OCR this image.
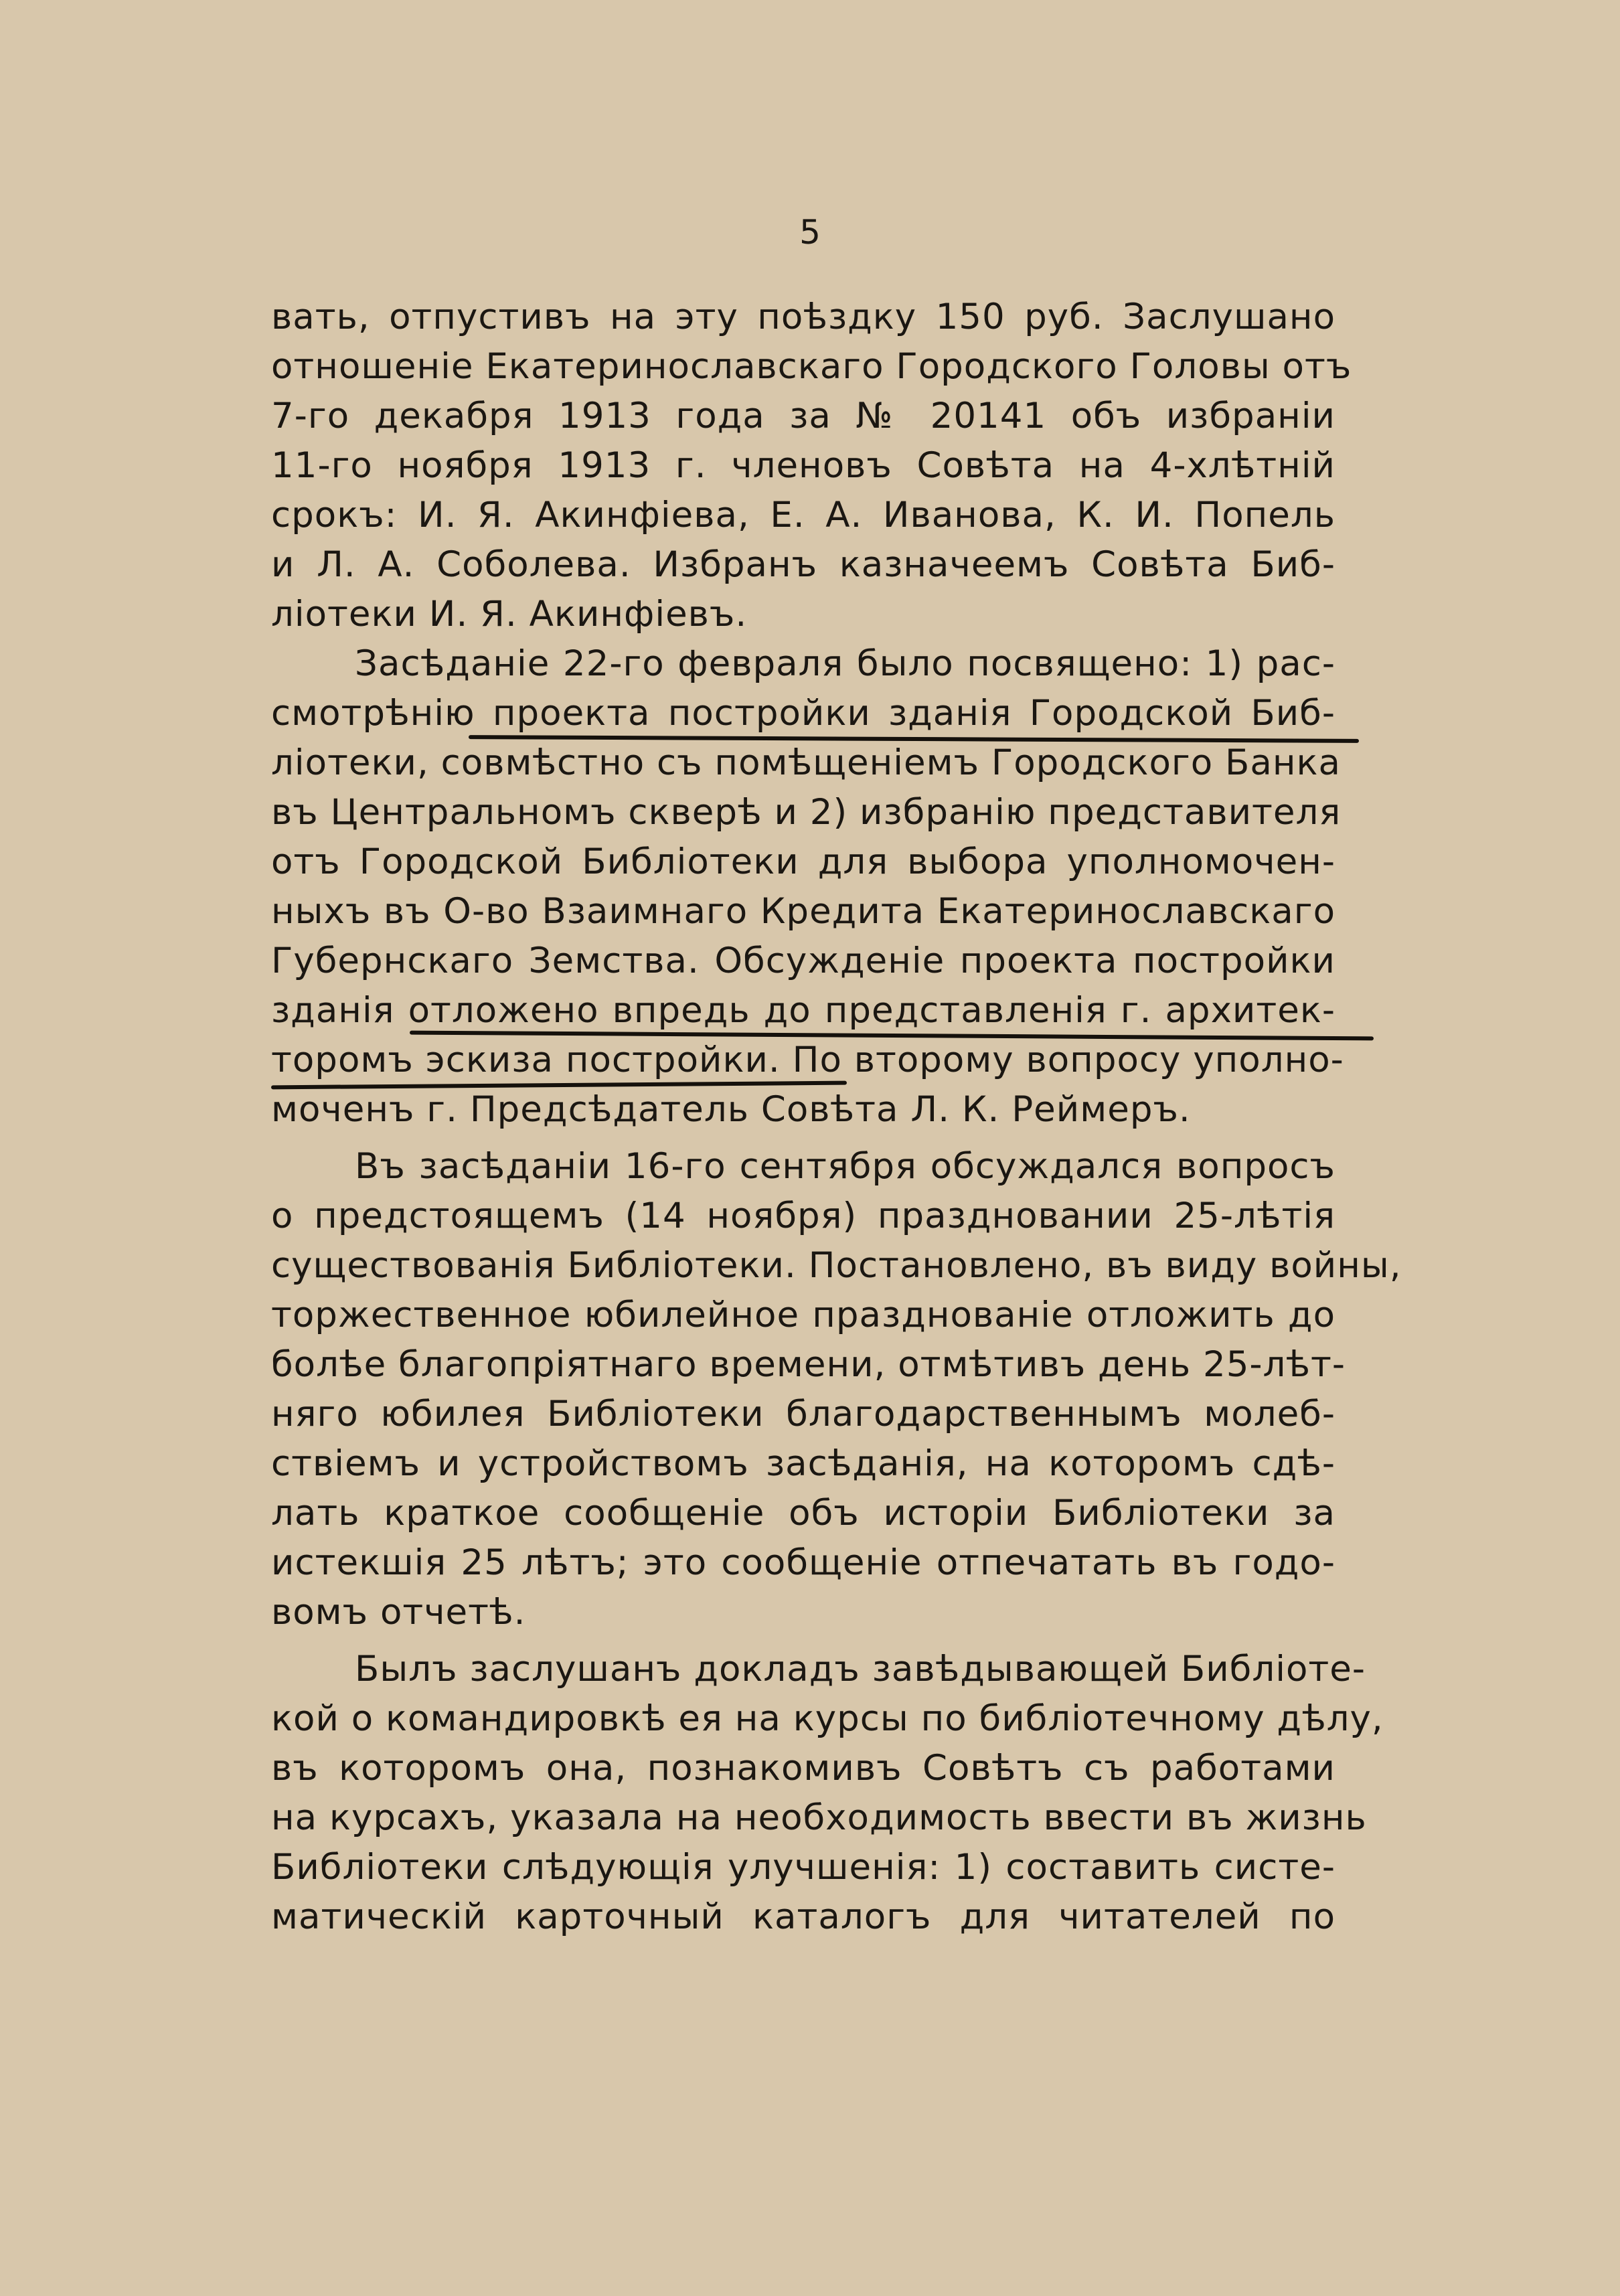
5
вать, отпустивъ на эту поѣздку 150 руб. Заслушано
отношеніе Екатеринославскаго Городского Головы отъ
7-го декабря 1913 года за № 20141 объ избраніи
11-го ноября 1913 г. членовъ Совѣта на 4-хлѣтній
срокъ: И. Я. Акинфіева, Е. А. Иванова, К. И. Попель
и Л. А. Соболева. Избранъ казначеемъ Совѣта Биб-
ліотеки И. Я. Акинфіевъ.
Засѣданіе 22-го февраля было посвящено: 1) рас-
смотрѣнію проекта постройки зданія Городской Биб-
ліотеки, совмѣстно съ помѣщеніемъ Городского Банка
въ Центральномъ скверѣ и 2) избранію представителя
отъ Городской Библіотеки для выбора уполномочен-
ныхъ въ О-во Взаимнаго Кредита Екатеринославскаго
Губернскаго Земства. Обсужденіе проекта постройки
зданія отложено впредь до представленія г. архитек-
торомъ эскиза постройки. По второму вопросу уполно-
моченъ г. Предсѣдатель Совѣта Л. К. Реймеръ.
Въ засѣданіи 16-го сентября обсуждался вопросъ
о предстоящемъ (14 ноября) праздновании 25-лѣтія
существованія Библіотеки. Постановлено, въ виду войны,
торжественное юбилейное празднованіе отложить до
болѣе благопріятнаго времени, отмѣтивъ день 25-лѣт-
няго юбилея Библіотеки благодарственнымъ молеб-
ствіемъ и устройствомъ засѣданія, на которомъ сдѣ-
лать краткое сообщеніе объ исторіи Библіотеки за
истекшія 25 лѣтъ; это сообщеніе отпечатать въ годо-
вомъ отчетѣ.
Былъ заслушанъ докладъ завѣдывающей Библіоте-
кой о командировкѣ ея на курсы по библіотечному дѣлу,
въ которомъ она, познакомивъ Совѣтъ съ работами
на курсахъ, указала на необходимость ввести въ жизнь
Библіотеки слѣдующія улучшенія: 1) составить систе-
матическій карточный каталогъ для читателей по
